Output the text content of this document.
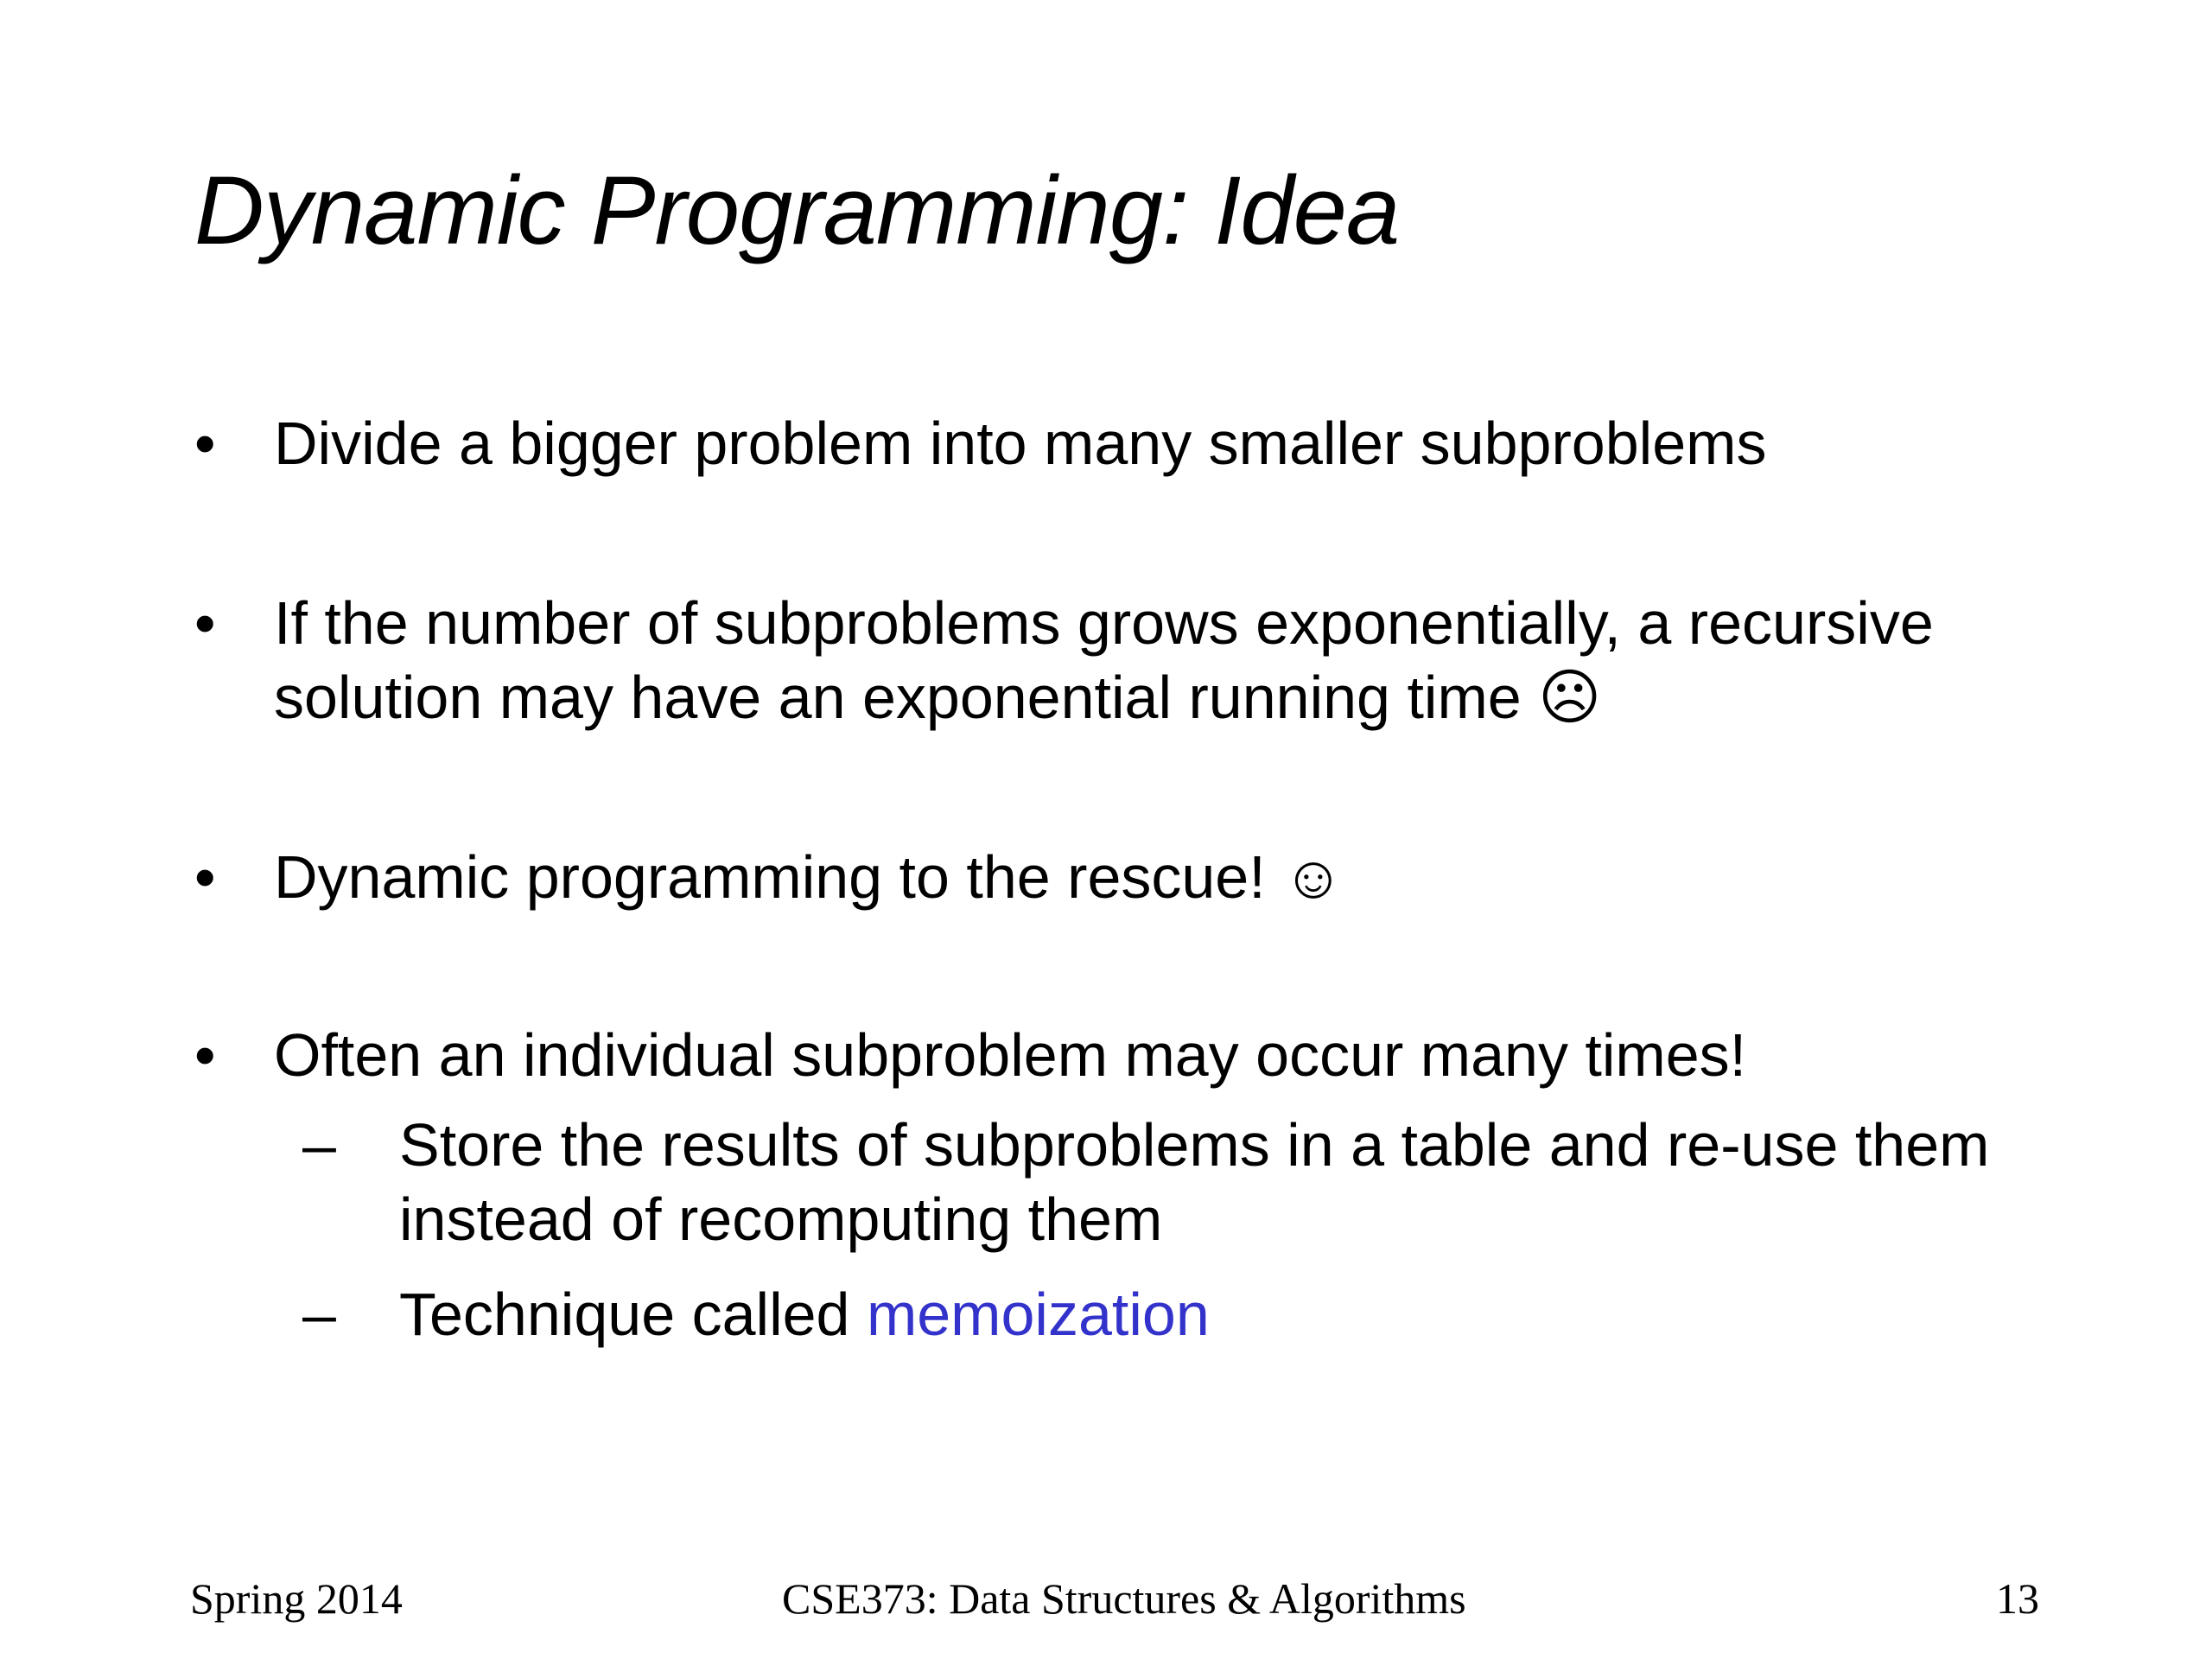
Dynamic Programming: Idea
• Divide a bigger problem into many smaller subproblems
• If the number of subproblems grows exponentially, a recursive solution may have an exponential running time ☹
• Dynamic programming to the rescue! ☺
• Often an individual subproblem may occur many times!
– Store the results of subproblems in a table and re-use them instead of recomputing them
– Technique called memoization
Spring 2014	CSE373: Data Structures & Algorithms	13
